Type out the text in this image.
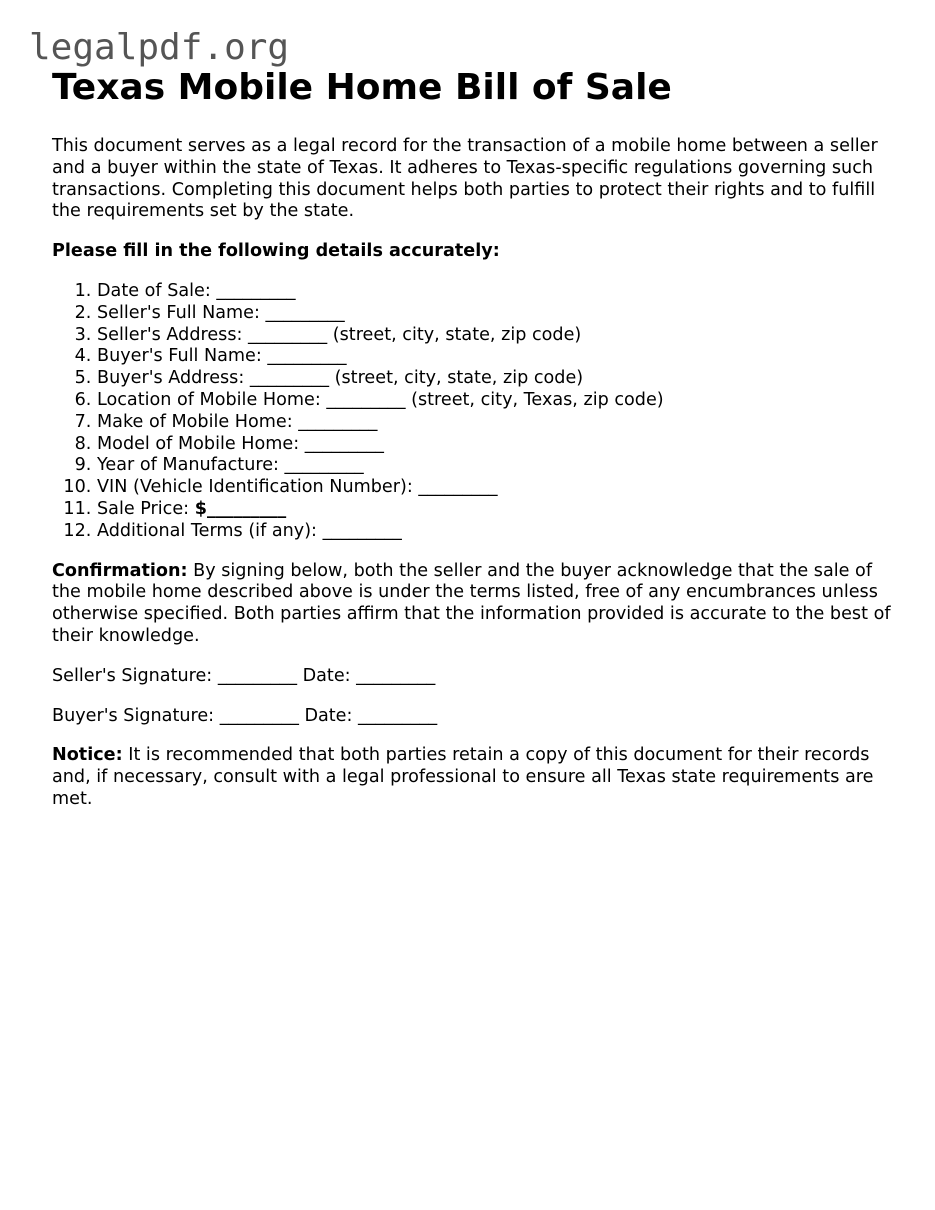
legalpdf.org
Texas Mobile Home Bill of Sale

This document serves as a legal record for the transaction of a mobile home between a seller and a buyer within the state of Texas. It adheres to Texas-specific regulations governing such transactions. Completing this document helps both parties to protect their rights and to fulfill the requirements set by the state.

Please fill in the following details accurately:

1. Date of Sale: _________
2. Seller's Full Name: _________
3. Seller's Address: _________ (street, city, state, zip code)
4. Buyer's Full Name: _________
5. Buyer's Address: _________ (street, city, state, zip code)
6. Location of Mobile Home: _________ (street, city, Texas, zip code)
7. Make of Mobile Home: _________
8. Model of Mobile Home: _________
9. Year of Manufacture: _________
10. VIN (Vehicle Identification Number): _________
11. Sale Price: $_________
12. Additional Terms (if any): _________

Confirmation: By signing below, both the seller and the buyer acknowledge that the sale of the mobile home described above is under the terms listed, free of any encumbrances unless otherwise specified. Both parties affirm that the information provided is accurate to the best of their knowledge.

Seller's Signature: _________ Date: _________

Buyer's Signature: _________ Date: _________

Notice: It is recommended that both parties retain a copy of this document for their records and, if necessary, consult with a legal professional to ensure all Texas state requirements are met.
